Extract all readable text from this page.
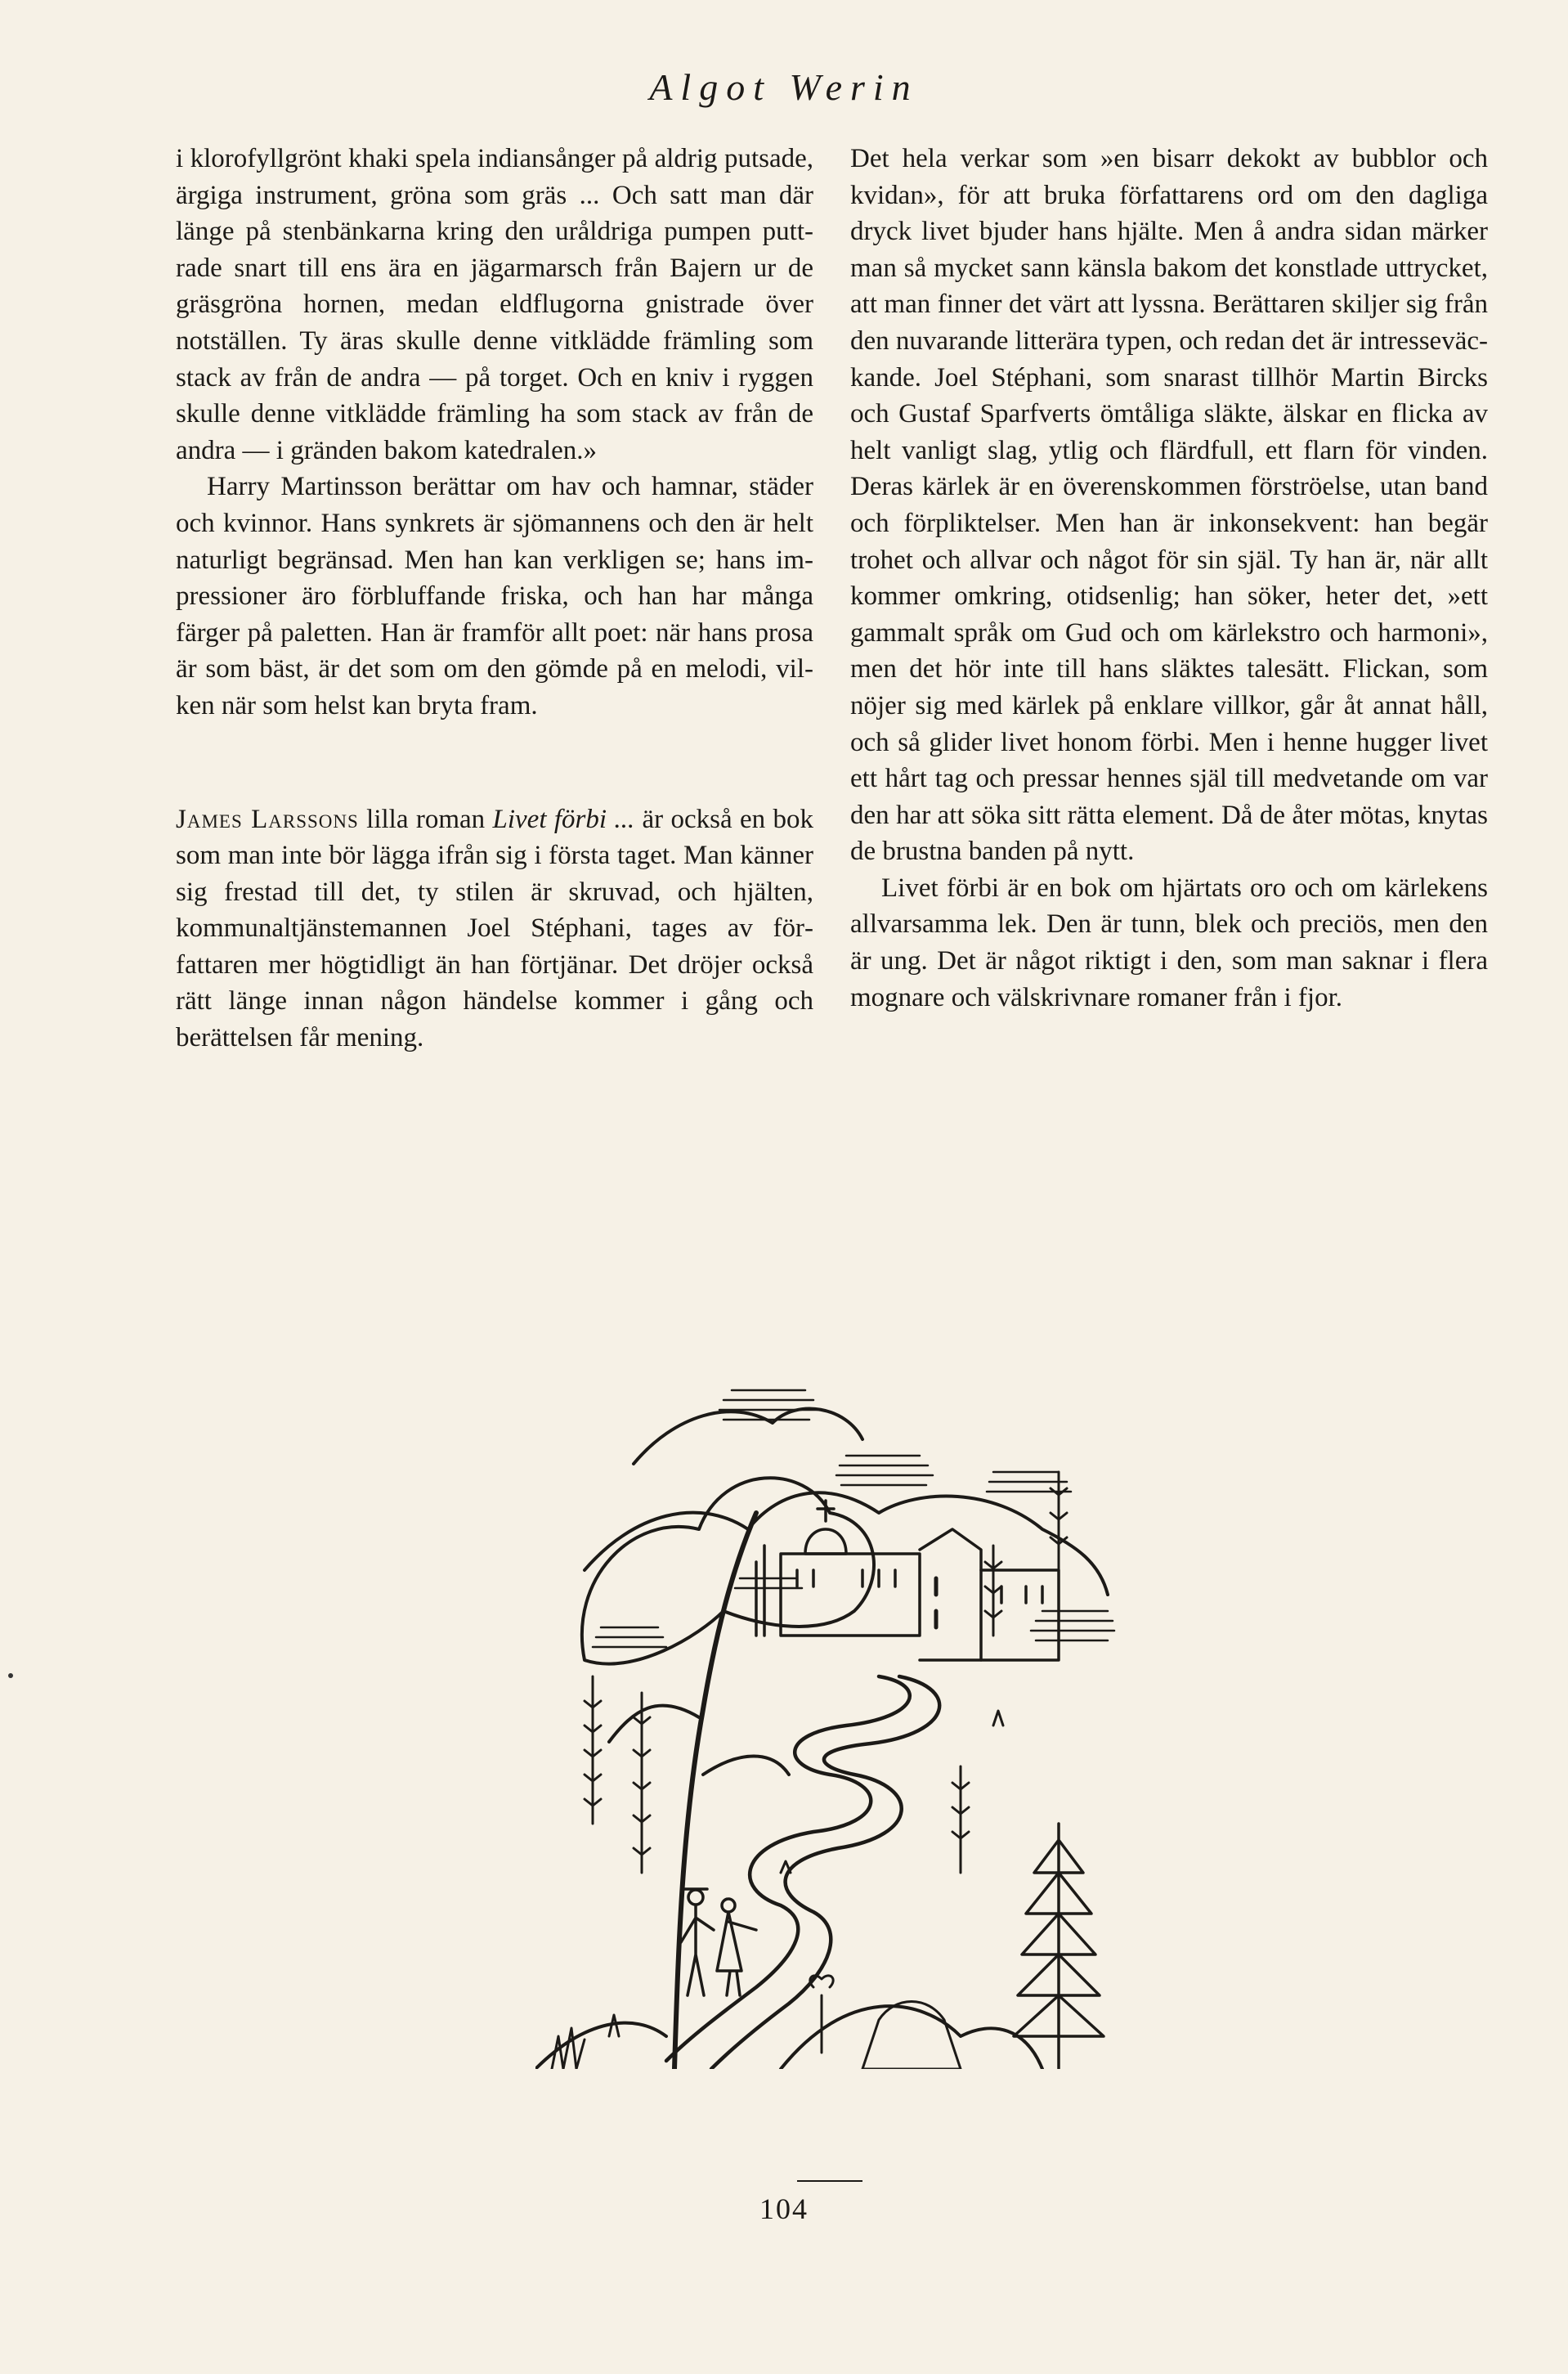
Algot Werin

i klorofyllgrönt khaki spela indiansånger på aldrig putsade, ärgiga instrument, gröna som gräs ... Och satt man där länge på stenbänkarna kring den uråldriga pumpen puttrade snart till ens ära en jägarmarsch från Bajern ur de gräsgröna hornen, medan eldflugorna gnistrade över notställen. Ty äras skulle denne vitklädde främling som stack av från de andra — på torget. Och en kniv i ryggen skulle denne vitklädde främling ha som stack av från de andra — i gränden bakom katedralen.»

Harry Martinsson berättar om hav och hamnar, städer och kvinnor. Hans synkrets är sjömannens och den är helt naturligt begränsad. Men han kan verkligen se; hans impressioner äro förbluffande friska, och han har många färger på paletten. Han är framför allt poet: när hans prosa är som bäst, är det som om den gömde på en melodi, vilken när som helst kan bryta fram.

James Larssons lilla roman Livet förbi ... är också en bok som man inte bör lägga ifrån sig i första taget. Man känner sig frestad till det, ty stilen är skruvad, och hjälten, kommunaltjänstemannen Joel Stéphani, tages av författaren mer högtidligt än han förtjänar. Det dröjer också rätt länge innan någon händelse kommer i gång och berättelsen får mening.

Det hela verkar som »en bisarr dekokt av bubblor och kvidan», för att bruka författarens ord om den dagliga dryck livet bjuder hans hjälte. Men å andra sidan märker man så mycket sann känsla bakom det konstlade uttrycket, att man finner det värt att lyssna. Berättaren skiljer sig från den nuvarande litterära typen, och redan det är intresseväckande. Joel Stéphani, som snarast tillhör Martin Bircks och Gustaf Sparfverts ömtåliga släkte, älskar en flicka av helt vanligt slag, ytlig och flärdfull, ett flarn för vinden. Deras kärlek är en överenskommen förströelse, utan band och förpliktelser. Men han är inkonsekvent: han begär trohet och allvar och något för sin själ. Ty han är, när allt kommer omkring, otidsenlig; han söker, heter det, »ett gammalt språk om Gud och om kärlekstro och harmoni», men det hör inte till hans släktes talesätt. Flickan, som nöjer sig med kärlek på enklare villkor, går åt annat håll, och så glider livet honom förbi. Men i henne hugger livet ett hårt tag och pressar hennes själ till medvetande om var den har att söka sitt rätta element. Då de åter mötas, knytas de brustna banden på nytt.

Livet förbi är en bok om hjärtats oro och om kärlekens allvarsamma lek. Den är tunn, blek och preciös, men den är ung. Det är något riktigt i den, som man saknar i flera mognare och välskrivnare romaner från i fjor.

104
